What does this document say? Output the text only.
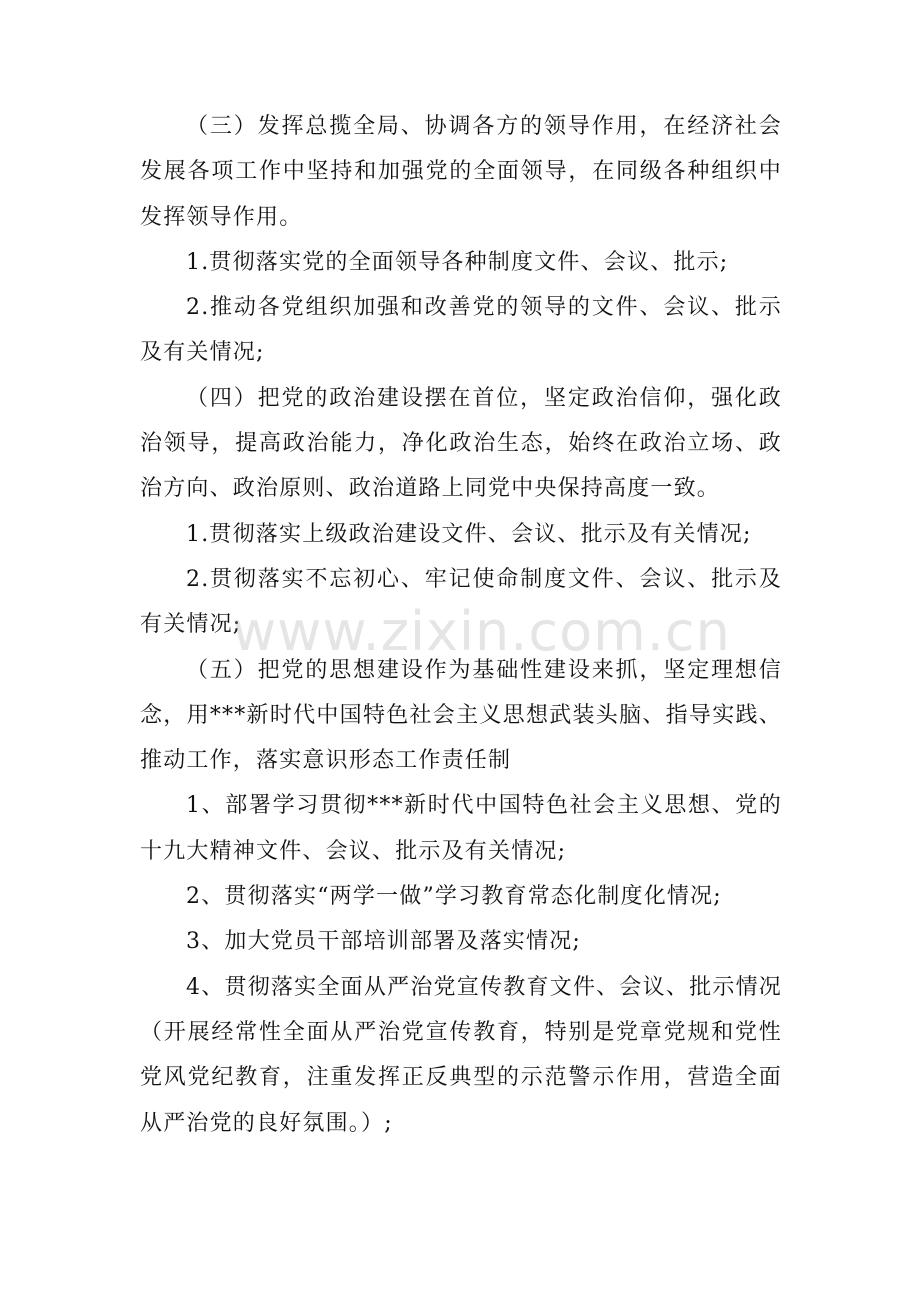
（三）发挥总揽全局、协调各方的领导作用，在经济社会发展各项工作中坚持和加强党的全面领导，在同级各种组织中发挥领导作用。

1.贯彻落实党的全面领导各种制度文件、会议、批示;

2.推动各党组织加强和改善党的领导的文件、会议、批示及有关情况;

（四）把党的政治建设摆在首位，坚定政治信仰，强化政治领导，提高政治能力，净化政治生态，始终在政治立场、政治方向、政治原则、政治道路上同党中央保持高度一致。

1.贯彻落实上级政治建设文件、会议、批示及有关情况;

2.贯彻落实不忘初心、牢记使命制度文件、会议、批示及有关情况;

（五）把党的思想建设作为基础性建设来抓，坚定理想信念，用***新时代中国特色社会主义思想武装头脑、指导实践、推动工作，落实意识形态工作责任制

1、部署学习贯彻***新时代中国特色社会主义思想、党的十九大精神文件、会议、批示及有关情况;

2、贯彻落实“两学一做”学习教育常态化制度化情况;

3、加大党员干部培训部署及落实情况;

4、贯彻落实全面从严治党宣传教育文件、会议、批示情况（开展经常性全面从严治党宣传教育，特别是党章党规和党性党风党纪教育，注重发挥正反典型的示范警示作用，营造全面从严治党的良好氛围。）;

www.zixin.com.cn
